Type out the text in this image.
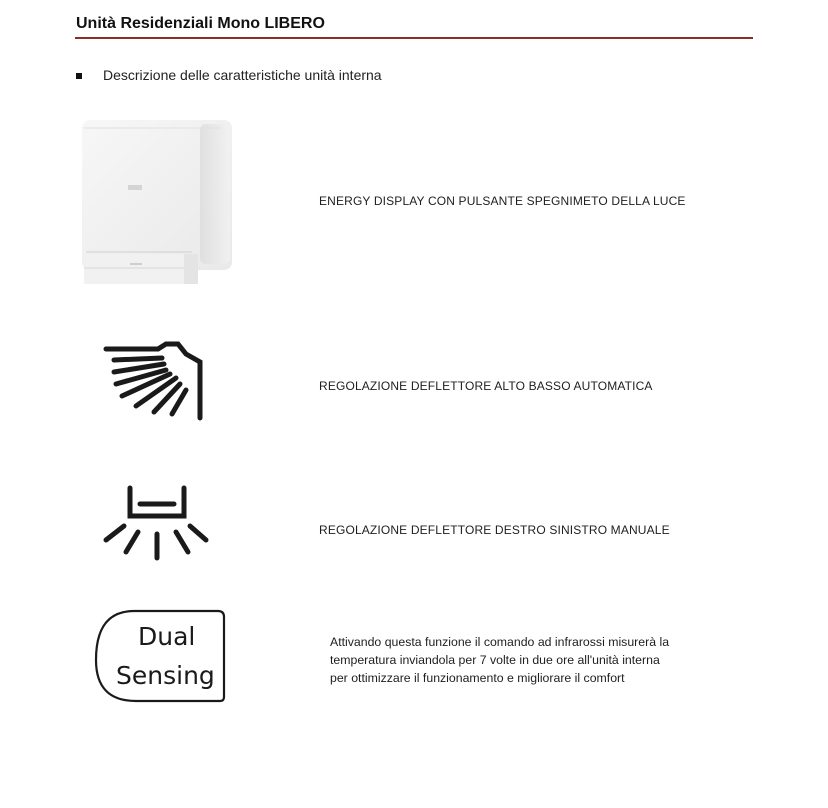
Unità Residenziali Mono LIBERO
Descrizione delle caratteristiche unità interna
ENERGY DISPLAY CON PULSANTE SPEGNIMETO DELLA LUCE
REGOLAZIONE DEFLETTORE ALTO BASSO AUTOMATICA
REGOLAZIONE DEFLETTORE DESTRO SINISTRO MANUALE
Dual
Sensing
Attivando questa funzione il comando ad infrarossi misurerà la
temperatura inviandola per 7 volte in due ore all'unità interna
per ottimizzare il funzionamento e migliorare il comfort
